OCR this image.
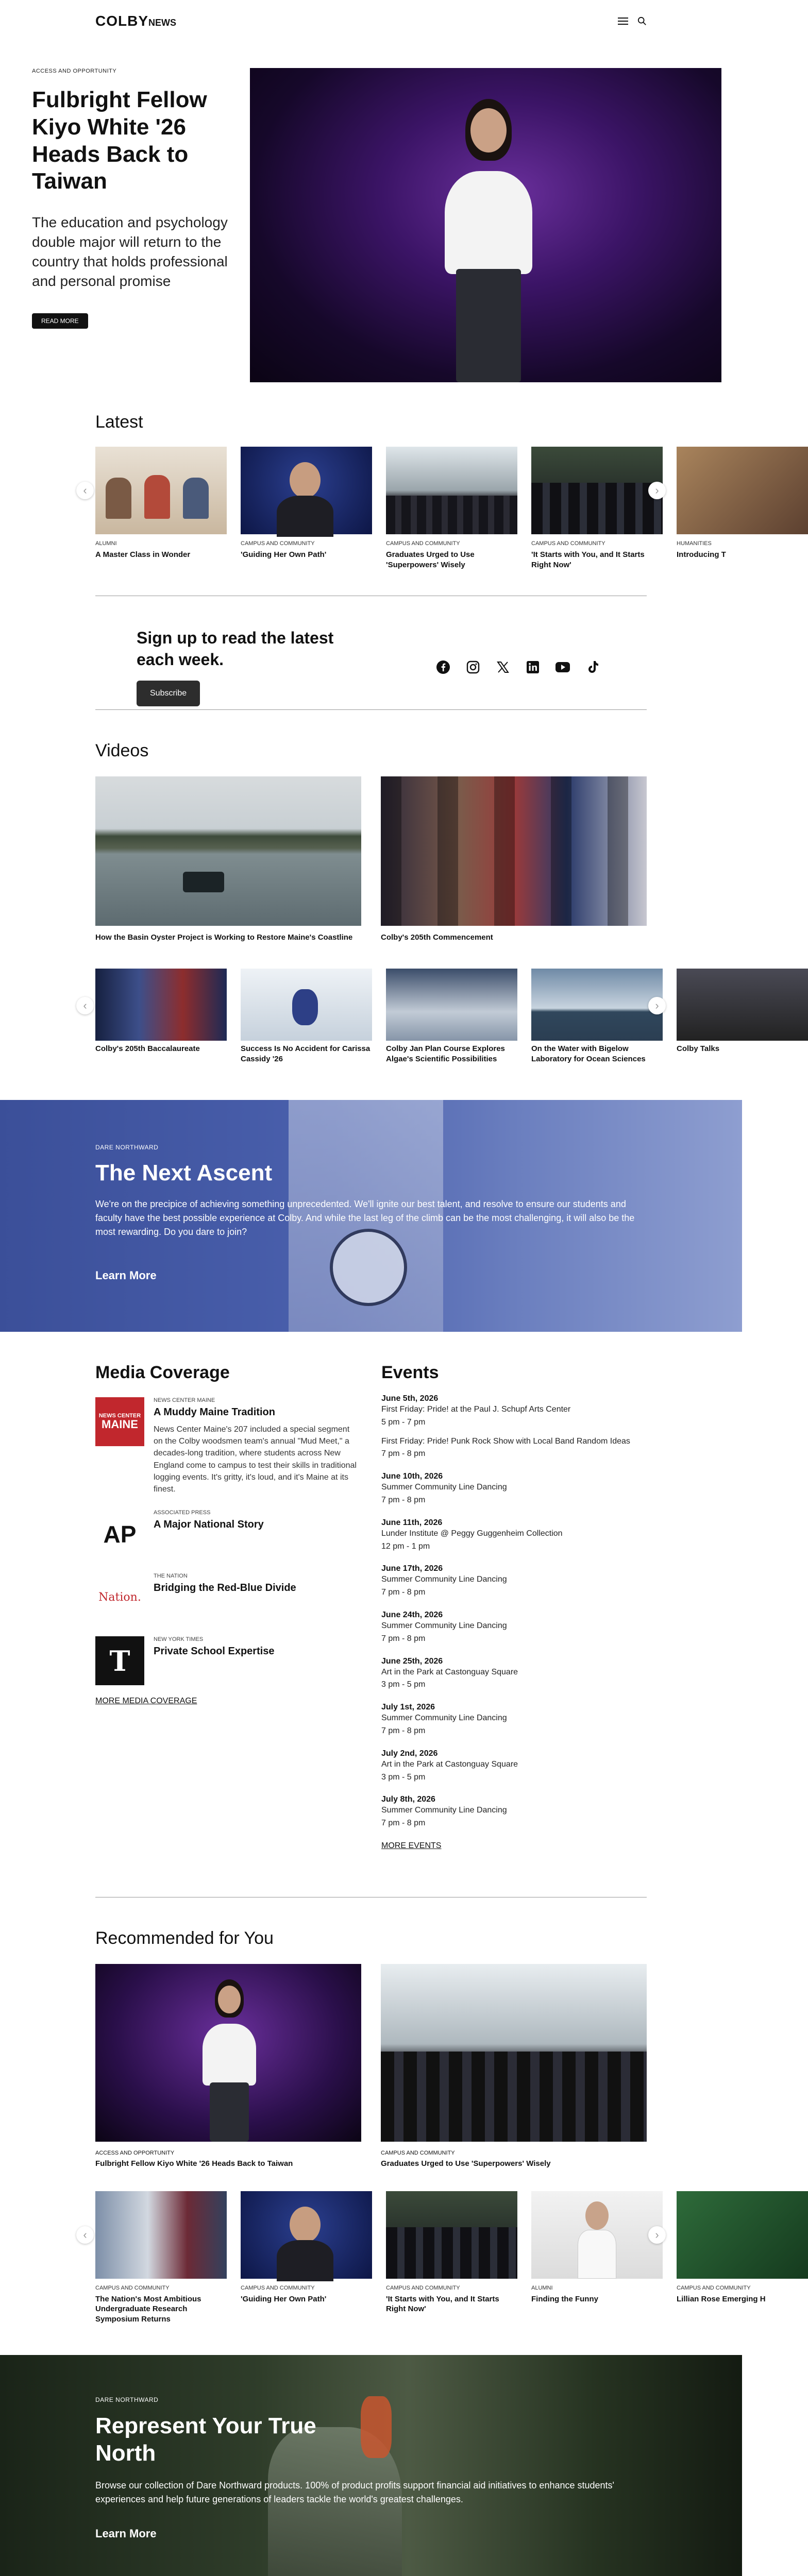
COLBYNEWS
ACCESS AND OPPORTUNITY
Fulbright Fellow Kiyo White '26 Heads Back to Taiwan

The education and psychology double major will return to the country that holds professional and personal promise

READ MORE
Latest
ALUMNI
A Master Class in Wonder
CAMPUS AND COMMUNITY
'Guiding Her Own Path'
CAMPUS AND COMMUNITY
Graduates Urged to Use 'Superpowers' Wisely
CAMPUS AND COMMUNITY
'It Starts with You, and It Starts Right Now'
HUMANITIES
Introducing T
‹	›
Sign up to read the latest each week.
Subscribe
Videos
How the Basin Oyster Project is Working to Restore Maine's Coastline	Colby's 205th Commencement
Colby's 205th Baccalaureate	Success Is No Accident for Carissa Cassidy '26
Colby Jan Plan Course Explores Algae's Scientific Possibilities
On the Water with Bigelow Laboratory for Ocean Sciences
Colby Talks
‹	›
DARE NORTHWARD
The Next Ascent

We're on the precipice of achieving something unprecedented. We'll ignite our best talent, and resolve to ensure our students and faculty have the best possible experience at Colby. And while the last leg of the climb can be the most challenging, it will also be the most rewarding. Do you dare to join?

Learn More
Media Coverage
NEWS CENTER
MAINE
NEWS CENTER MAINE
A Muddy Maine Tradition
News Center Maine's 207 included a special segment on the Colby woodsmen team's annual "Mud Meet," a decades-long tradition, where students across New England come to campus to test their skills in traditional logging events. It's gritty, it's loud, and it's Maine at its finest.
AP
ASSOCIATED PRESS
A Major National Story
Nation.
THE NATION
Bridging the Red-Blue Divide
T
NEW YORK TIMES
Private School Expertise
MORE MEDIA COVERAGE
Events
June 5th, 2026
First Friday: Pride! at the Paul J. Schupf Arts Center
5 pm - 7 pm
First Friday: Pride! Punk Rock Show with Local Band Random Ideas
7 pm - 8 pm
June 10th, 2026
Summer Community Line Dancing
7 pm - 8 pm
June 11th, 2026
Lunder Institute @ Peggy Guggenheim Collection
12 pm - 1 pm
June 17th, 2026
Summer Community Line Dancing
7 pm - 8 pm
June 24th, 2026
Summer Community Line Dancing
7 pm - 8 pm
June 25th, 2026
Art in the Park at Castonguay Square
3 pm - 5 pm
July 1st, 2026
Summer Community Line Dancing
7 pm - 8 pm
July 2nd, 2026
Art in the Park at Castonguay Square
3 pm - 5 pm
July 8th, 2026
Summer Community Line Dancing
7 pm - 8 pm
MORE EVENTS
Recommended for You
ACCESS AND OPPORTUNITY
Fulbright Fellow Kiyo White '26 Heads Back to Taiwan
CAMPUS AND COMMUNITY
Graduates Urged to Use 'Superpowers' Wisely
CAMPUS AND COMMUNITY
The Nation's Most Ambitious Undergraduate Research Symposium Returns
CAMPUS AND COMMUNITY
'Guiding Her Own Path'
CAMPUS AND COMMUNITY
'It Starts with You, and It Starts Right Now'
ALUMNI
Finding the Funny
CAMPUS AND COMMUNITY
Lillian Rose Emerging H
‹	›
DARE NORTHWARD
Represent Your True North

Browse our collection of Dare Northward products. 100% of product profits support financial aid initiatives to enhance students' experiences and help future generations of leaders tackle the world's greatest challenges.

Learn More
